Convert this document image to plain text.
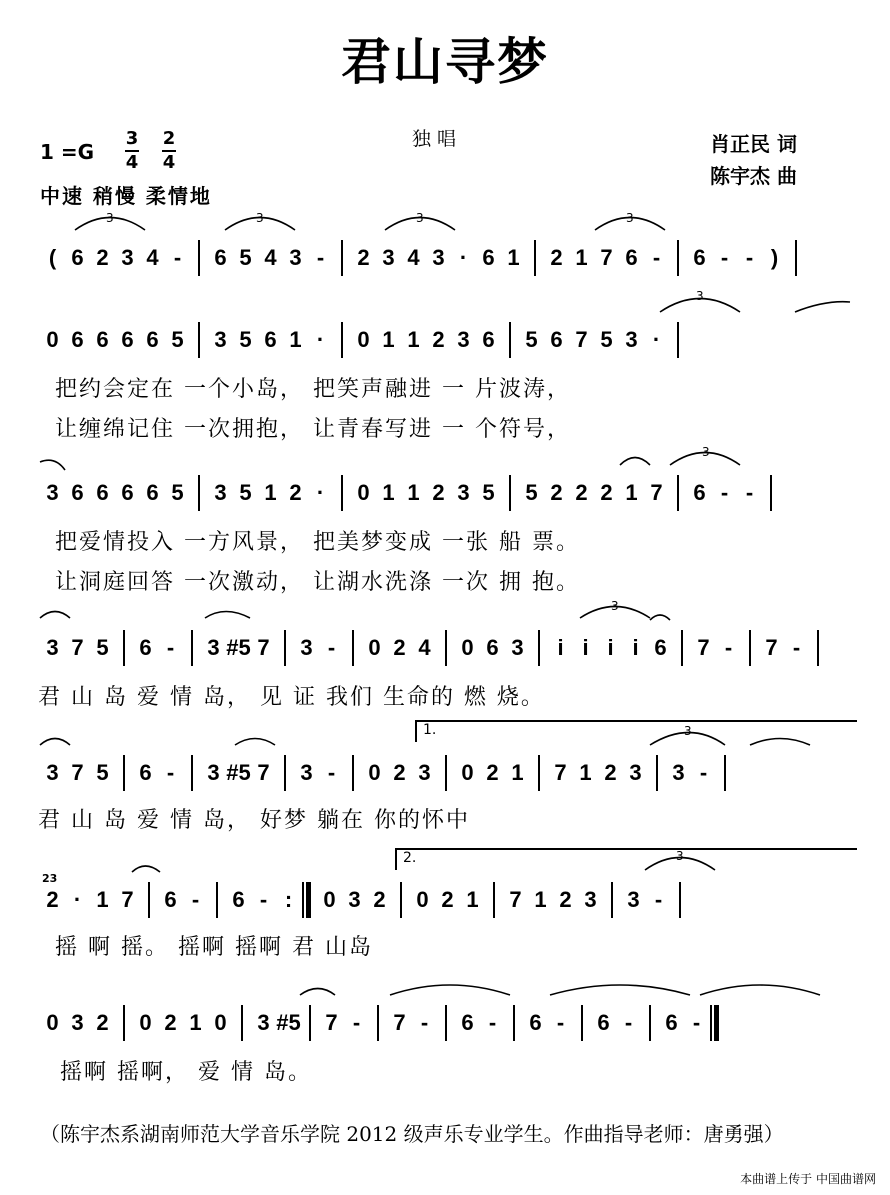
君山寻梦
独 唱
1 =G
3
4
2
4
中速 稍慢 柔情地
肖正民 词
陈宇杰 曲
( 6 2 3 4 -	6 5 4 3 -	2 3 4 3 · 6 1 2 1 7 6 -	6 - - )
0 6 6 6 6 5 3 5 6 1 ·	0 1 1 2 3 6 5 6 7 5 3 ·
把约会定在 一个小岛， 把笑声融进 一 片波涛，
让缠绵记住 一次拥抱， 让青春写进 一 个符号，
3 6 6 6 6 5 3 5 1 2 ·	0 1 1 2 3 5 5 2 2 2 1 7 6 - -
把爱情投入 一方风景， 把美梦变成 一张 船 票。
让洞庭回答 一次激动， 让湖水洗涤 一次 拥 抱。
3 7 5 6 -	3 #5 7 3 -	0 2 4 0 6 3	i i i i 6 7 -	7 -
君 山 岛 爱 情 岛， 见 证 我们 生命的 燃 烧。
1.
3 7 5 6 -	3 #5 7 3 -	0 2 3 0 2 1 7 1 2 3 3 -
君 山 岛 爱 情 岛， 好梦 躺在 你的怀中
2.
23
2 · 1 7 6 -	6 - :	0 3 2 0 2 1 7 1 2 3 3 -
摇 啊 摇。 摇啊 摇啊 君 山岛
0 3 2 0 2 1 0 3 #5 7 -	7 -	6 -	6 -	6 -	6 -
摇啊 摇啊， 爱 情 岛。
3	3	3	3
3
3
3
3
3
（陈宇杰系湖南师范大学音乐学院 2012 级声乐专业学生。作曲指导老师：唐勇强）
本曲谱上传于 中国曲谱网
